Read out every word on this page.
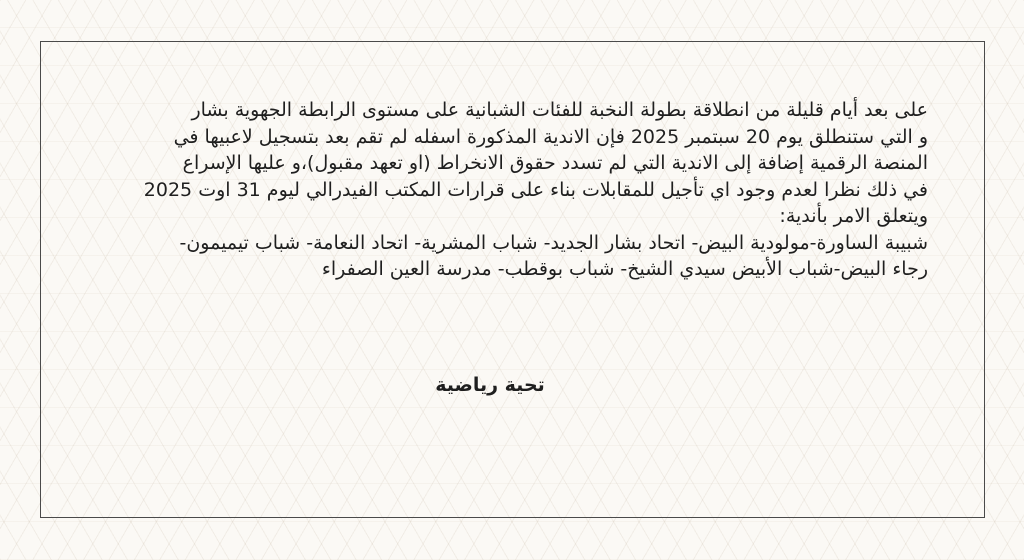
على بعد أيام قليلة من انطلاقة بطولة النخبة للفئات الشبانية على مستوى الرابطة الجهوية بشار
و التي ستنطلق يوم 20 سبتمبر 2025 فإن الاندية المذكورة اسفله لم تقم بعد بتسجيل لاعبيها في
المنصة الرقمية إضافة إلى الاندية التي لم تسدد حقوق الانخراط (او تعهد مقبول)،و عليها الإسراع
في ذلك نظرا لعدم وجود اي تأجيل للمقابلات بناء على قرارات المكتب الفيدرالي ليوم 31 اوت 2025
ويتعلق الامر بأندية:
شبيبة الساورة-مولودية البيض- اتحاد بشار الجديد- شباب المشرية- اتحاد النعامة- شباب تيميمون-
رجاء البيض-شباب الأبيض سيدي الشيخ- شباب بوقطب- مدرسة العين الصفراء
تحية رياضية
